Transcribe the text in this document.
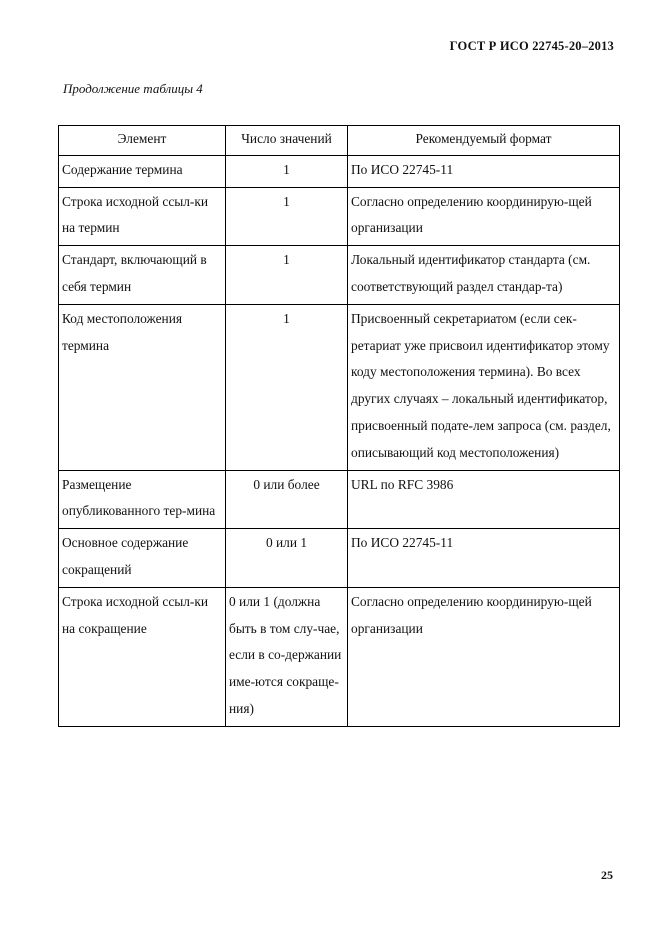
ГОСТ Р ИСО 22745-20–2013
Продолжение таблицы 4
Элемент	Число значений	Рекомендуемый формат
Содержание термина	1	По ИСО 22745-11
Строка исходной ссыл-ки на термин	1	Согласно определению координирую-щей организации
Стандарт, включающий в себя термин	1	Локальный идентификатор стандарта (см. соответствующий раздел стандар-та)
Код местоположения термина	1	Присвоенный секретариатом (если сек-ретариат уже присвоил идентификатор этому коду местоположения термина). Во всех других случаях – локальный идентификатор, присвоенный подате-лем запроса (см. раздел, описывающий код местоположения)
Размещение опубликованного тер-мина	0 или более	URL по RFC 3986
Основное содержание сокращений	0 или 1	По ИСО 22745-11
Строка исходной ссыл-ки на сокращение	0 или 1 (должна быть в том слу-чае, если в со-держании име-ются сокраще-ния)	Согласно определению координирую-щей организации
25
